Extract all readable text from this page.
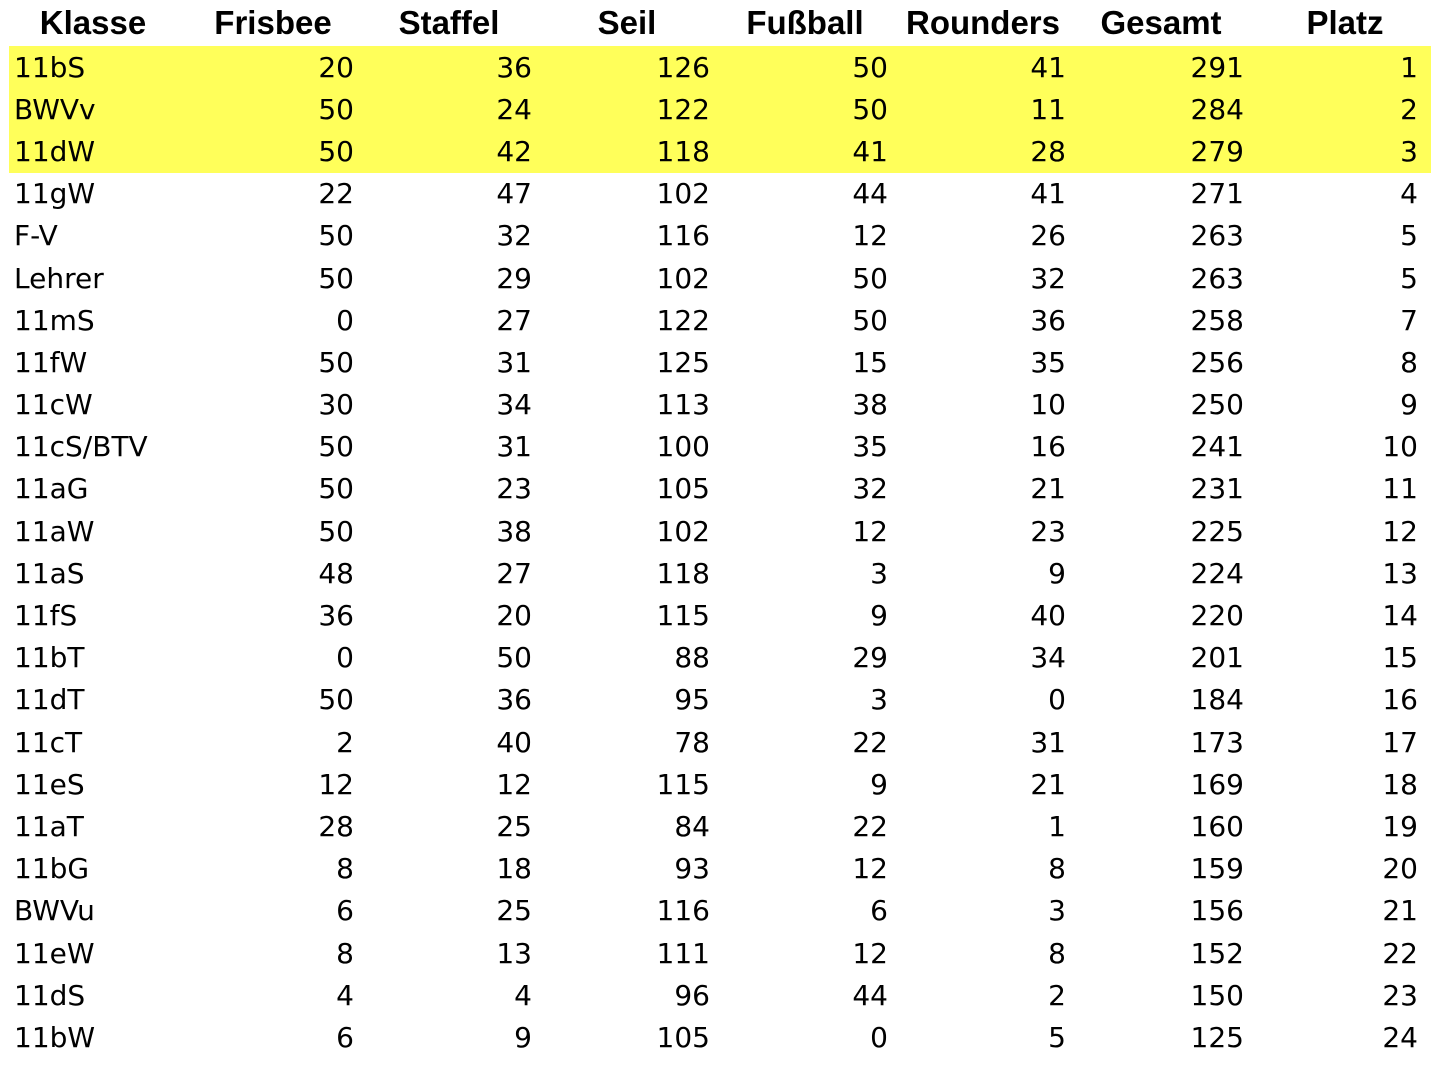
Klasse	Frisbee	Staffel	Seil	Fußball	Rounders	Gesamt	Platz
11bS	20	36	126	50	41	291	1
BWVv	50	24	122	50	11	284	2
11dW	50	42	118	41	28	279	3
11gW	22	47	102	44	41	271	4
F-V	50	32	116	12	26	263	5
Lehrer	50	29	102	50	32	263	5
11mS	0	27	122	50	36	258	7
11fW	50	31	125	15	35	256	8
11cW	30	34	113	38	10	250	9
11cS/BTV	50	31	100	35	16	241	10
11aG	50	23	105	32	21	231	11
11aW	50	38	102	12	23	225	12
11aS	48	27	118	3	9	224	13
11fS	36	20	115	9	40	220	14
11bT	0	50	88	29	34	201	15
11dT	50	36	95	3	0	184	16
11cT	2	40	78	22	31	173	17
11eS	12	12	115	9	21	169	18
11aT	28	25	84	22	1	160	19
11bG	8	18	93	12	8	159	20
BWVu	6	25	116	6	3	156	21
11eW	8	13	111	12	8	152	22
11dS	4	4	96	44	2	150	23
11bW	6	9	105	0	5	125	24
